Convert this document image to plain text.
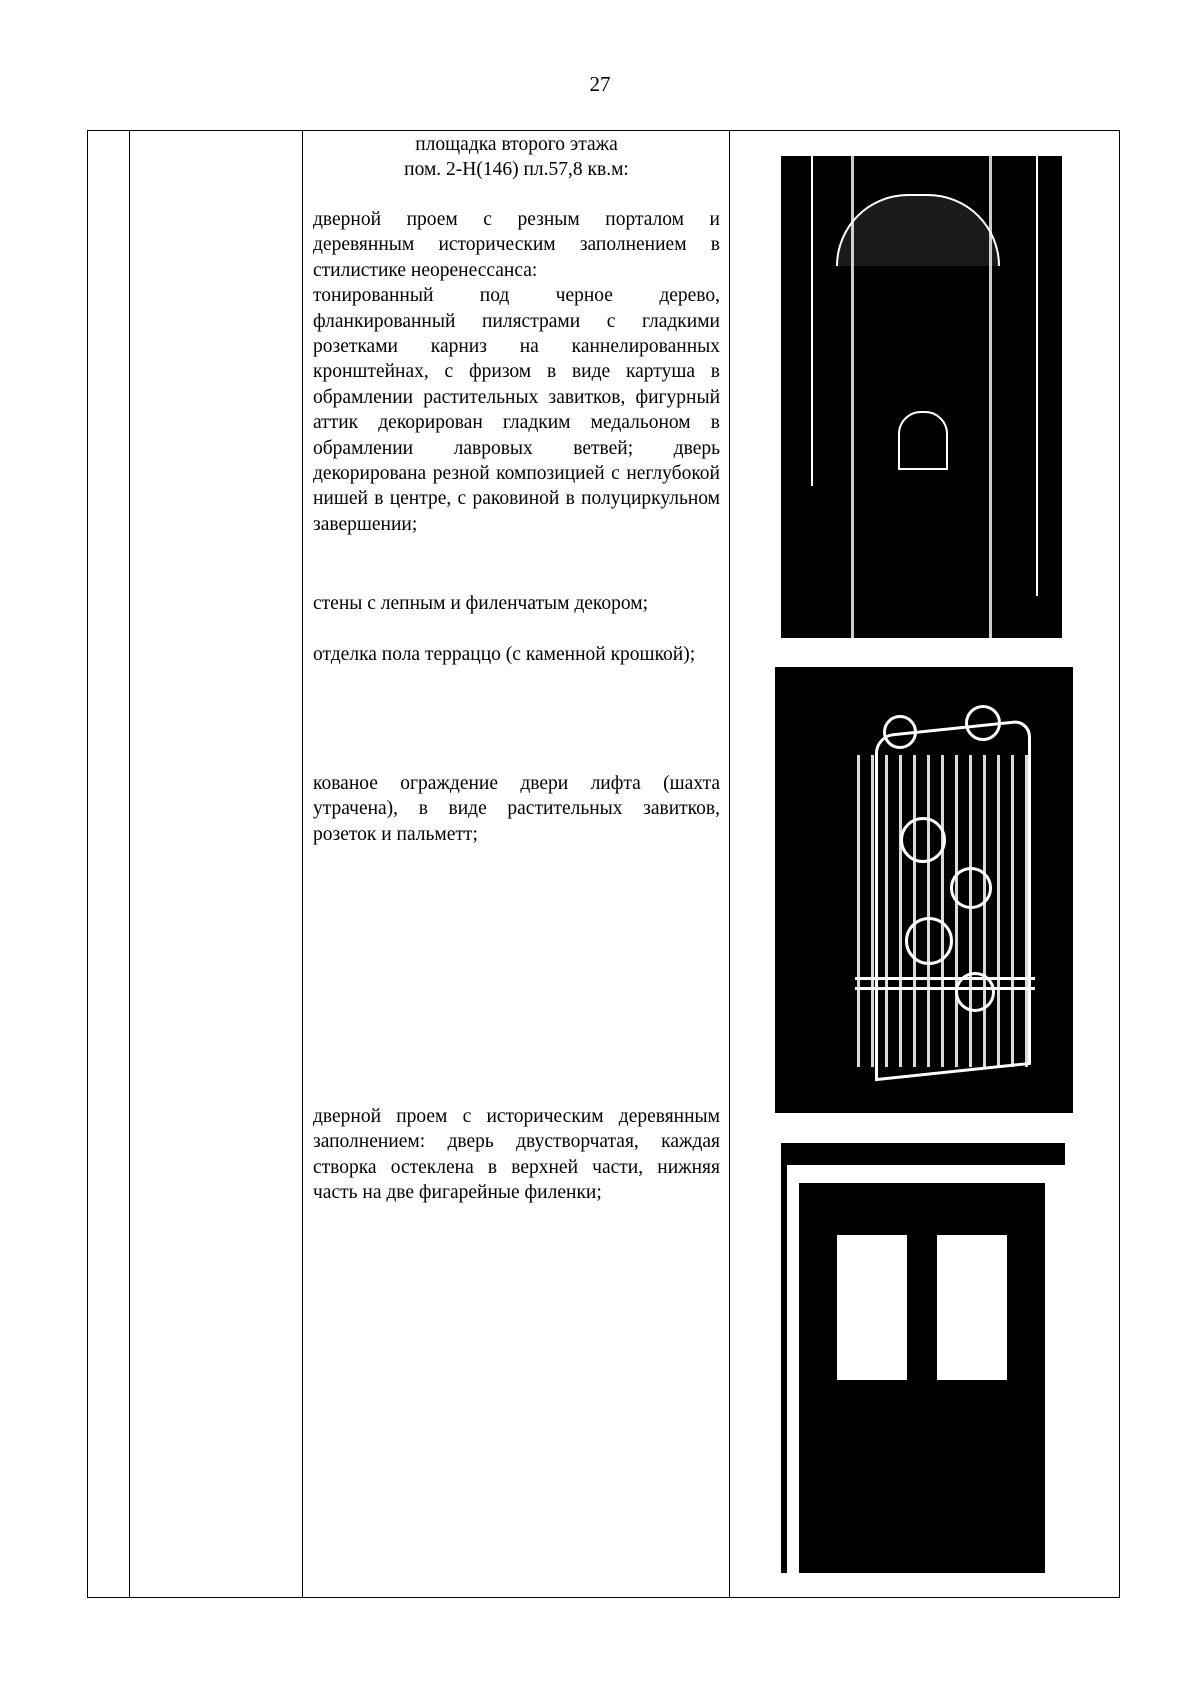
27
площадка второго этажа
пом. 2-Н(146) пл.57,8 кв.м:
дверной проем с резным порталом и деревянным историческим заполнением в стилистике неоренессанса:
тонированный под черное дерево, фланкированный пилястрами с гладкими розетками карниз на каннелированных кронштейнах, с фризом в виде картуша в обрамлении растительных завитков, фигурный аттик декорирован гладким медальоном в обрамлении лавровых ветвей; дверь декорирована резной композицией с неглубокой нишей в центре, с раковиной в полуциркульном завершении;
стены с лепным и филенчатым декором;
отделка пола терраццо (с каменной крошкой);
кованое ограждение двери лифта (шахта утрачена), в виде растительных завитков, розеток и пальметт;
дверной проем с историческим деревянным заполнением: дверь двустворчатая, каждая створка остеклена в верхней части, нижняя часть на две фигарейные филенки;
